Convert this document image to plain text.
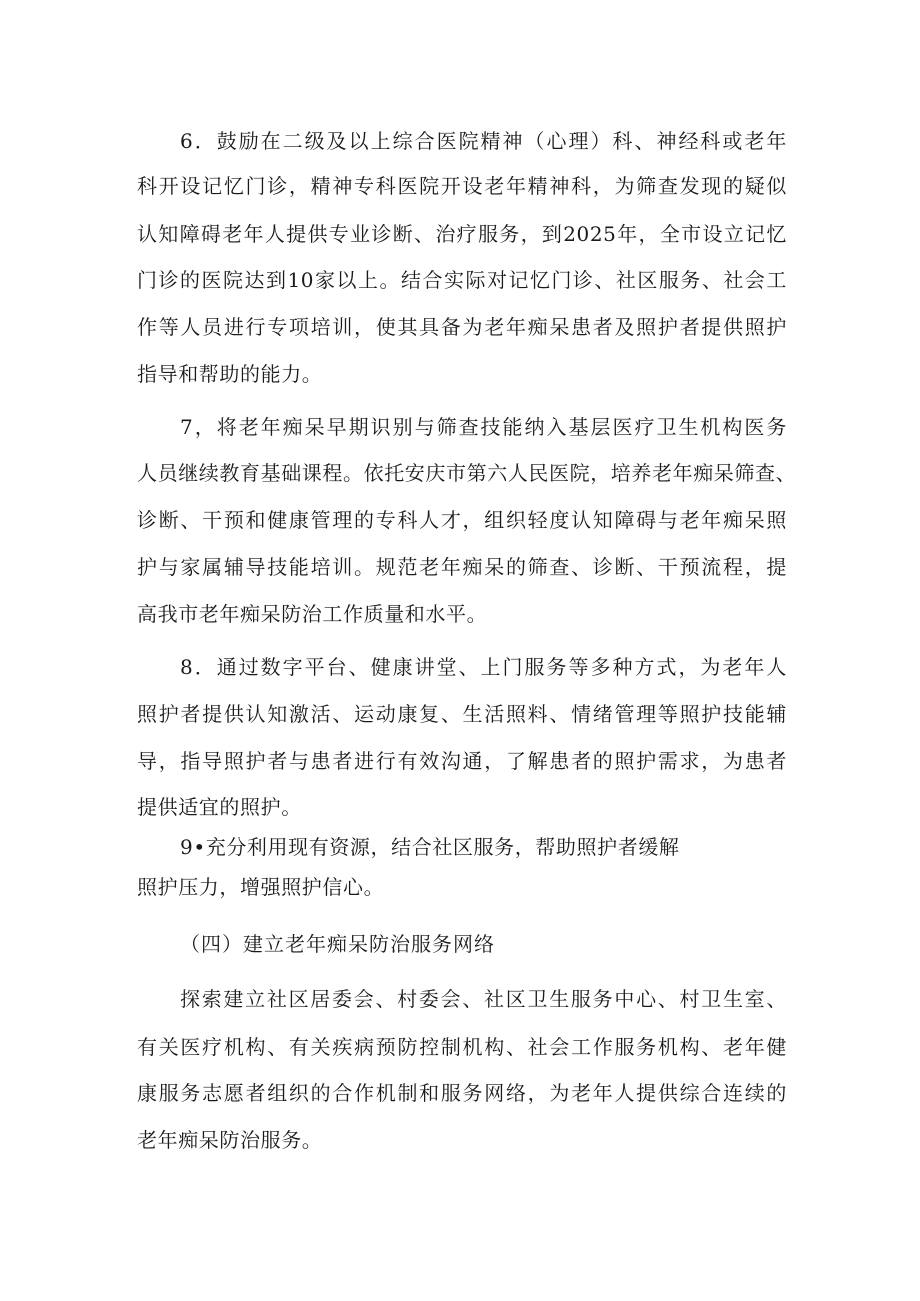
6．鼓励在二级及以上综合医院精神（心理）科、神经科或老年
科开设记忆门诊，精神专科医院开设老年精神科，为筛查发现的疑似
认知障碍老年人提供专业诊断、治疗服务，到2025年，全市设立记忆
门诊的医院达到10家以上。结合实际对记忆门诊、社区服务、社会工
作等人员进行专项培训，使其具备为老年痴呆患者及照护者提供照护
指导和帮助的能力。
7，将老年痴呆早期识别与筛查技能纳入基层医疗卫生机构医务
人员继续教育基础课程。依托安庆市第六人民医院，培养老年痴呆筛查、
诊断、干预和健康管理的专科人才，组织轻度认知障碍与老年痴呆照
护与家属辅导技能培训。规范老年痴呆的筛查、诊断、干预流程，提
高我市老年痴呆防治工作质量和水平。
8．通过数字平台、健康讲堂、上门服务等多种方式，为老年人
照护者提供认知激活、运动康复、生活照料、情绪管理等照护技能辅
导，指导照护者与患者进行有效沟通，了解患者的照护需求，为患者
提供适宜的照护。
9•充分利用现有资源，结合社区服务，帮助照护者缓解
照护压力，增强照护信心。
（四）建立老年痴呆防治服务网络
探索建立社区居委会、村委会、社区卫生服务中心、村卫生室、
有关医疗机构、有关疾病预防控制机构、社会工作服务机构、老年健
康服务志愿者组织的合作机制和服务网络，为老年人提供综合连续的
老年痴呆防治服务。
